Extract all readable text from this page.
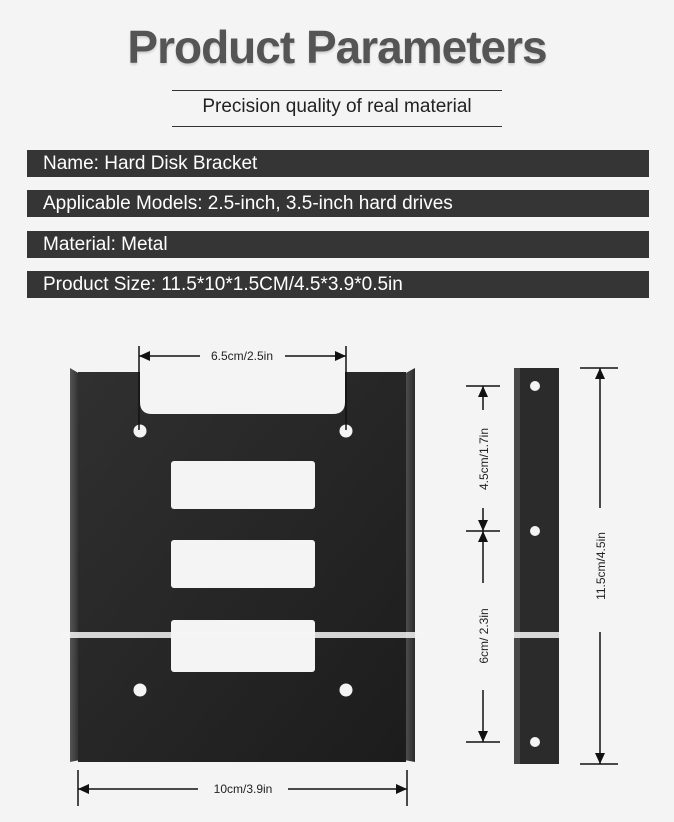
Product Parameters
Precision quality of real material
Name: Hard Disk Bracket
Applicable Models: 2.5-inch, 3.5-inch hard drives
Material: Metal
Product Size: 11.5*10*1.5CM/4.5*3.9*0.5in
6.5cm/2.5in
10cm/3.9in
4.5cm/1.7in
6cm/ 2.3in
11.5cm/4.5in
